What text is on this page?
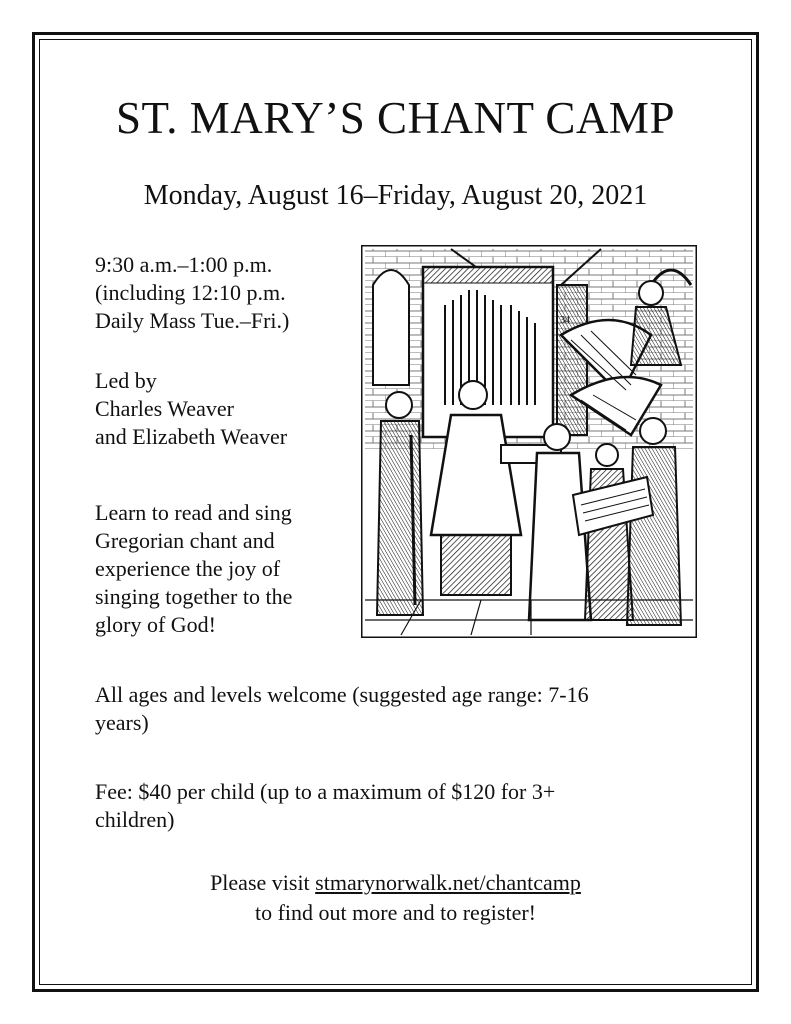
ST. MARY’S CHANT CAMP
Monday, August 16–Friday, August 20, 2021
9:30 a.m.–1:00 p.m.
(including 12:10 p.m.
Daily Mass Tue.–Fri.)
Led by
Charles Weaver
and Elizabeth Weaver
Learn to read and sing
Gregorian chant and
experience the joy of
singing together to the
glory of God!
All ages and levels welcome (suggested age range: 7-16
years)
Fee: $40 per child (up to a maximum of $120 for 3+
children)
Please visit stmarynorwalk.net/chantcamp
to find out more and to register!
34
